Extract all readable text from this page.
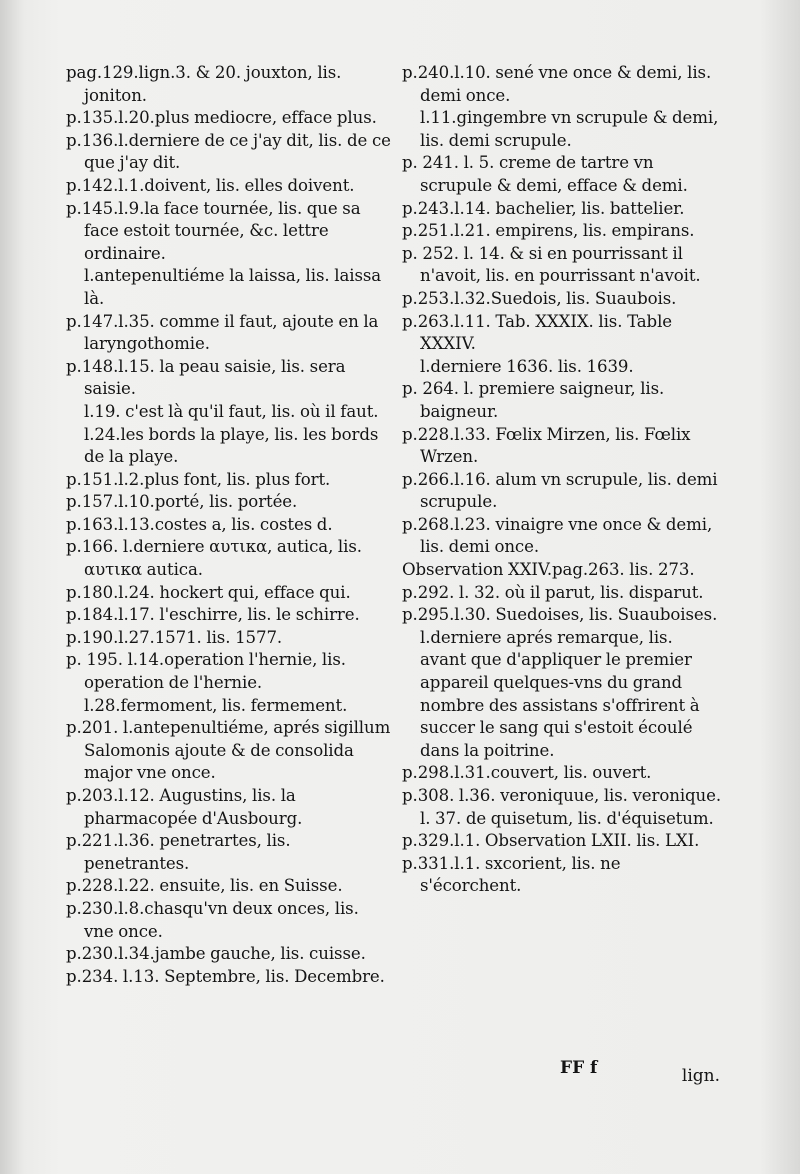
pag.129.lign.3. & 20. jouxton, lis. joniton.
p.135.l.20.plus mediocre, efface plus.
p.136.l.derniere de ce j'ay dit, lis. de ce que j'ay dit.
p.142.l.1.doivent, lis. elles doivent.
p.145.l.9.la face tournée, lis. que sa face estoit tournée, &c. lettre ordinaire.
l.antepenultiéme la laissa, lis. laissa là.
p.147.l.35. comme il faut, ajoute en la laryngothomie.
p.148.l.15. la peau saisie, lis. sera saisie.
l.19. c'est là qu'il faut, lis. où il faut.
l.24.les bords la playe, lis. les bords de la playe.
p.151.l.2.plus font, lis. plus fort.
p.157.l.10.porté, lis. portée.
p.163.l.13.costes a, lis. costes d.
p.166. l.derniere αυτικα, autica, lis. αυτικα autica.
p.180.l.24. hockert qui, efface qui.
p.184.l.17. l'eschirre, lis. le schirre.
p.190.l.27.1571. lis. 1577.
p. 195. l.14.operation l'hernie, lis. operation de l'hernie.
l.28.fermoment, lis. fermement.
p.201. l.antepenultiéme, aprés sigillum Salomonis ajoute & de consolida major vne once.
p.203.l.12. Augustins, lis. la pharmacopée d'Ausbourg.
p.221.l.36. penetrartes, lis. penetrantes.
p.228.l.22. ensuite, lis. en Suisse.
p.230.l.8.chasqu'vn deux onces, lis. vne once.
p.230.l.34.jambe gauche, lis. cuisse.
p.234. l.13. Septembre, lis. Decembre.
p.240.l.10. sené vne once & demi, lis. demi once.
l.11.gingembre vn scrupule & demi, lis. demi scrupule.
p. 241. l. 5. creme de tartre vn scrupule & demi, efface & demi.
p.243.l.14. bachelier, lis. battelier.
p.251.l.21. empirens, lis. empirans.
p. 252. l. 14. & si en pourrissant il n'avoit, lis. en pourrissant n'avoit.
p.253.l.32.Suedois, lis. Suaubois.
p.263.l.11. Tab. XXXIX. lis. Table XXXIV.
l.derniere 1636. lis. 1639.
p. 264. l. premiere saigneur, lis. baigneur.
p.228.l.33. Fœlix Mirzen, lis. Fœlix Wrzen.
p.266.l.16. alum vn scrupule, lis. demi scrupule.
p.268.l.23. vinaigre vne once & demi, lis. demi once.
Observation XXIV.pag.263. lis. 273.
p.292. l. 32. où il parut, lis. disparut.
p.295.l.30. Suedoises, lis. Suauboises.
l.derniere aprés remarque, lis. avant que d'appliquer le premier appareil quelques-vns du grand nombre des assistans s'offrirent à succer le sang qui s'estoit écoulé dans la poitrine.
p.298.l.31.couvert, lis. ouvert.
p.308. l.36. veroniquue, lis. veronique.
l. 37. de quisetum, lis. d'équisetum.
p.329.l.1. Observation LXII. lis. LXI.
p.331.l.1. sxcorient, lis. ne s'écorchent.
FF f	lign.
